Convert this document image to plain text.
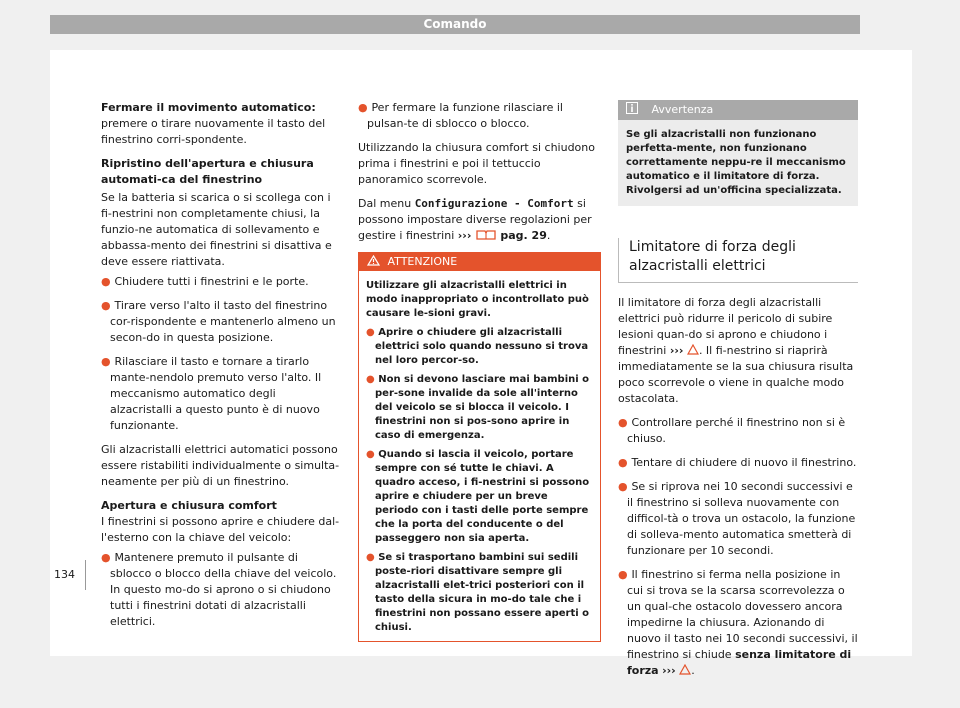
Comando

Fermare il movimento automatico: premere o tirare nuovamente il tasto del finestrino corri-spondente.

Ripristino dell'apertura e chiusura automati-ca del finestrino

Se la batteria si scarica o si scollega con i fi-nestrini non completamente chiusi, la funzio-ne automatica di sollevamento e abbassa-mento dei finestrini si disattiva e deve essere riattivata.

● Chiudere tutti i finestrini e le porte.

● Tirare verso l'alto il tasto del finestrino cor-rispondente e mantenerlo almeno un secon-do in questa posizione.

● Rilasciare il tasto e tornare a tirarlo mante-nendolo premuto verso l'alto. Il meccanismo automatico degli alzacristalli a questo punto è di nuovo funzionante.

Gli alzacristalli elettrici automatici possono essere ristabiliti individualmente o simulta-neamente per più di un finestrino.

Apertura e chiusura comfort

I finestrini si possono aprire e chiudere dal-l'esterno con la chiave del veicolo:

● Mantenere premuto il pulsante di sblocco o blocco della chiave del veicolo. In questo mo-do si aprono o si chiudono tutti i finestrini dotati di alzacristalli elettrici.

● Per fermare la funzione rilasciare il pulsan-te di sblocco o blocco.

Utilizzando la chiusura comfort si chiudono prima i finestrini e poi il tettuccio panoramico scorrevole.

Dal menu Configurazione - Comfort si possono impostare diverse regolazioni per gestire i finestrini ›››	pag. 29.

ATTENZIONE

Utilizzare gli alzacristalli elettrici in modo inappropriato o incontrollato può causare le-sioni gravi.

● Aprire o chiudere gli alzacristalli elettrici solo quando nessuno si trova nel loro percor-so.

● Non si devono lasciare mai bambini o per-sone invalide da sole all'interno del veicolo se si blocca il veicolo. I finestrini non si pos-sono aprire in caso di emergenza.

● Quando si lascia il veicolo, portare sempre con sé tutte le chiavi. A quadro acceso, i fi-nestrini si possono aprire e chiudere per un breve periodo con i tasti delle porte sempre che la porta del conducente o del passeggero non sia aperta.

● Se si trasportano bambini sui sedili poste-riori disattivare sempre gli alzacristalli elet-trici posteriori con il tasto della sicura in mo-do tale che i finestrini non possano essere aperti o chiusi.

Avvertenza
Se gli alzacristalli non funzionano perfetta-mente, non funzionano correttamente neppu-re il meccanismo automatico e il limitatore di forza. Rivolgersi ad un'officina specializzata.
Limitatore di forza degli alzacristalli elettrici

Il limitatore di forza degli alzacristalli elettrici può ridurre il pericolo di subire lesioni quan-do si aprono e chiudono i finestrini ››› . Il fi-nestrino si riaprirà immediatamente se la sua chiusura risulta poco scorrevole o viene in qualche modo ostacolata.

● Controllare perché il finestrino non si è chiuso.

● Tentare di chiudere di nuovo il finestrino.

● Se si riprova nei 10 secondi successivi e il finestrino si solleva nuovamente con difficol-tà o trova un ostacolo, la funzione di solleva-mento automatica smetterà di funzionare per 10 secondi.

● Il finestrino si ferma nella posizione in cui si trova se la scarsa scorrevolezza o un qual-che ostacolo dovessero ancora impedirne la chiusura. Azionando di nuovo il tasto nei 10 secondi successivi, il finestrino si chiude senza limitatore di forza ››› .

134
